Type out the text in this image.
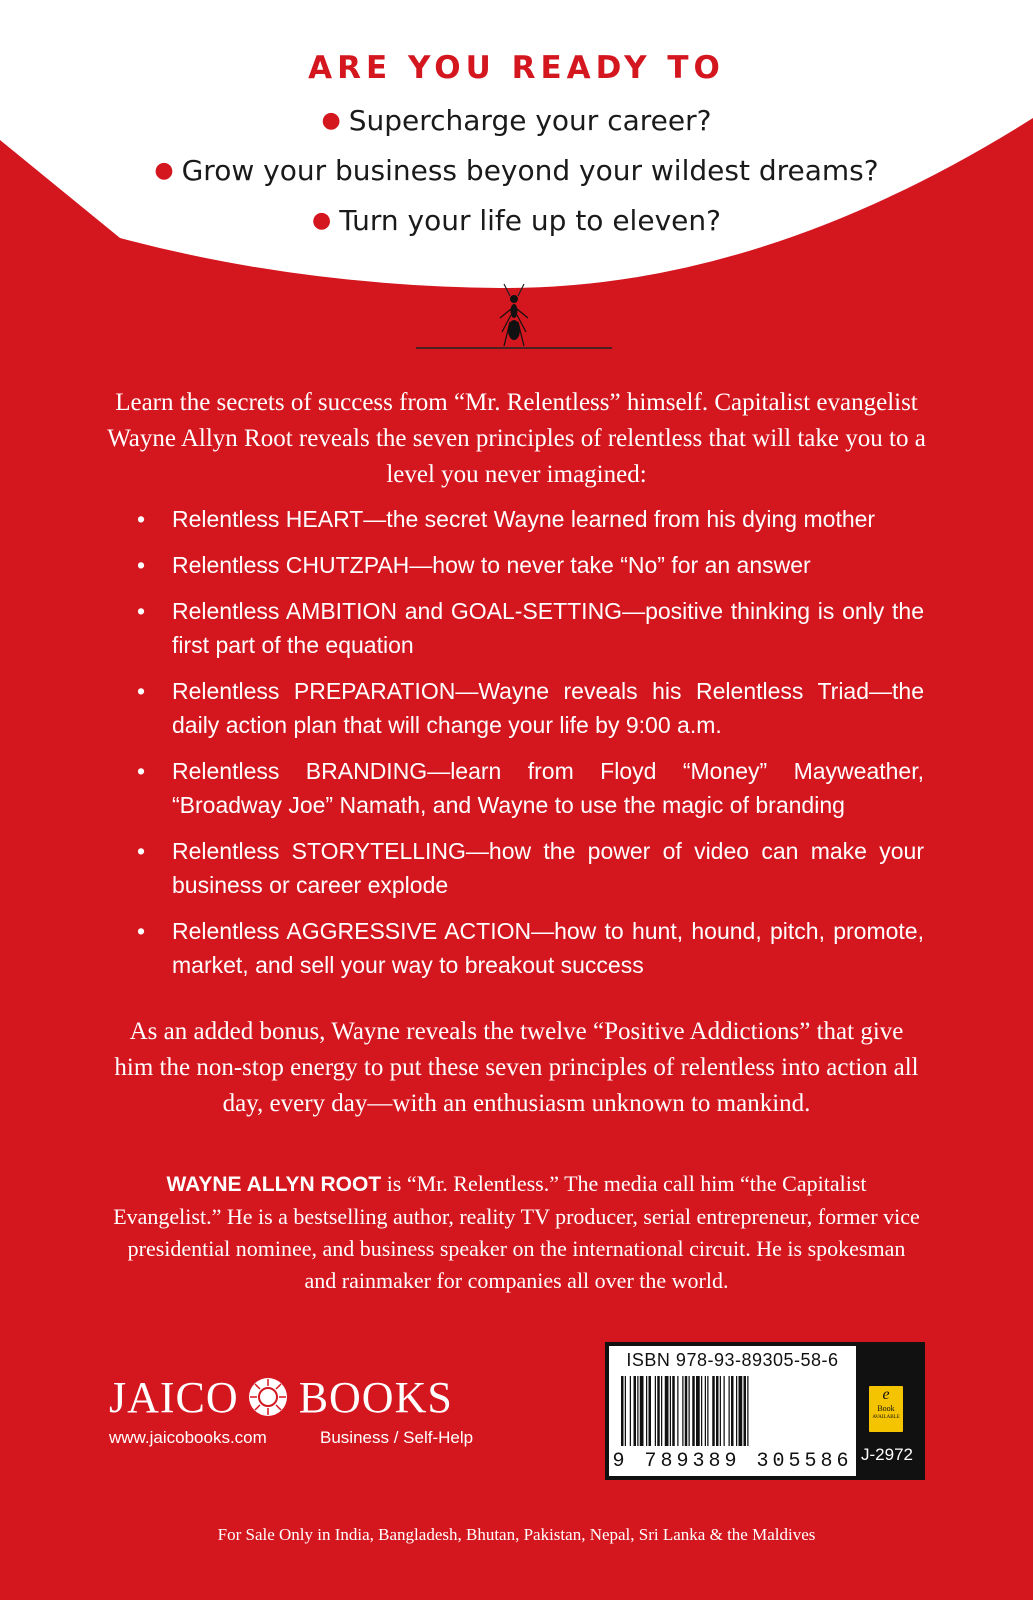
ARE YOU READY TO
● Supercharge your career?
● Grow your business beyond your wildest dreams?
● Turn your life up to eleven?
Learn the secrets of success from “Mr. Relentless” himself. Capitalist evangelist Wayne Allyn Root reveals the seven principles of relentless that will take you to a level you never imagined:
• Relentless HEART—the secret Wayne learned from his dying mother
• Relentless CHUTZPAH—how to never take “No” for an answer
• Relentless AMBITION and GOAL-SETTING—positive thinking is only the first part of the equation
• Relentless PREPARATION—Wayne reveals his Relentless Triad—the daily action plan that will change your life by 9:00 a.m.
• Relentless BRANDING—learn from Floyd “Money” Mayweather, “Broadway Joe” Namath, and Wayne to use the magic of branding
• Relentless STORYTELLING—how the power of video can make your business or career explode
• Relentless AGGRESSIVE ACTION—how to hunt, hound, pitch, promote, market, and sell your way to breakout success
As an added bonus, Wayne reveals the twelve “Positive Addictions” that give him the non-stop energy to put these seven principles of relentless into action all day, every day—with an enthusiasm unknown to mankind.
WAYNE ALLYN ROOT is “Mr. Relentless.” The media call him “the Capitalist Evangelist.” He is a bestselling author, reality TV producer, serial entrepreneur, former vice presidential nominee, and business speaker on the international circuit. He is spokesman and rainmaker for companies all over the world.
JAICO BOOKS
www.jaicobooks.com	Business / Self-Help
ISBN 978-93-89305-58-6
9 789389 305586
e
Book
AVAILABLE
J-2972
For Sale Only in India, Bangladesh, Bhutan, Pakistan, Nepal, Sri Lanka & the Maldives
